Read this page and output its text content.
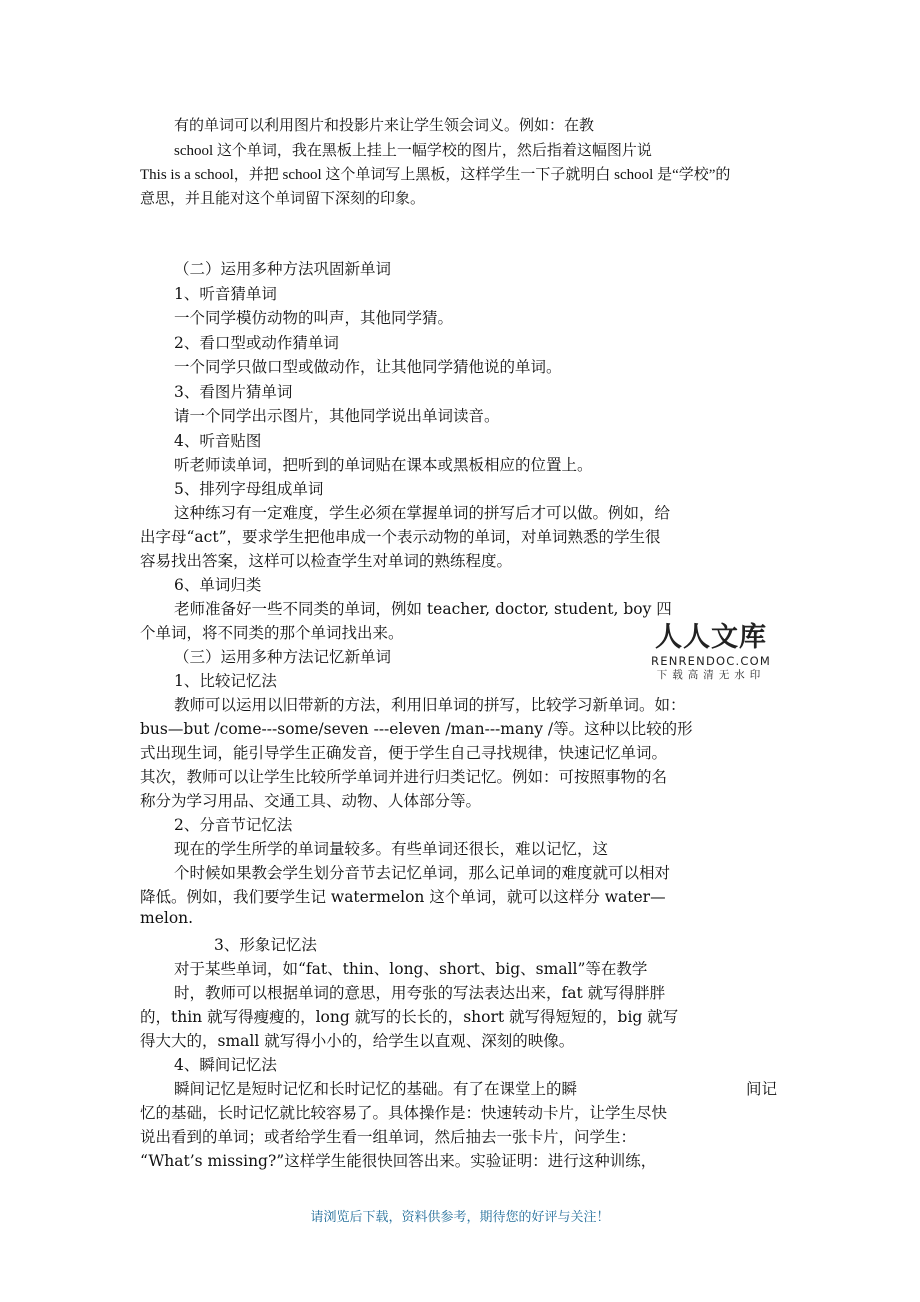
有的单词可以利用图片和投影片来让学生领会词义。例如：在教
school 这个单词，我在黑板上挂上一幅学校的图片，然后指着这幅图片说
This is a school，并把 school 这个单词写上黑板，这样学生一下子就明白 school 是“学校”的
意思，并且能对这个单词留下深刻的印象。
（二）运用多种方法巩固新单词
1、听音猜单词
一个同学模仿动物的叫声，其他同学猜。
2、看口型或动作猜单词
一个同学只做口型或做动作，让其他同学猜他说的单词。
3、看图片猜单词
请一个同学出示图片，其他同学说出单词读音。
4、听音贴图
听老师读单词，把听到的单词贴在课本或黑板相应的位置上。
5、排列字母组成单词
这种练习有一定难度，学生必须在掌握单词的拼写后才可以做。例如，给
出字母“act”，要求学生把他串成一个表示动物的单词，对单词熟悉的学生很
容易找出答案，这样可以检查学生对单词的熟练程度。
6、单词归类
老师准备好一些不同类的单词，例如 teacher, doctor, student, boy 四
个单词，将不同类的那个单词找出来。	人人文库
RENRENDOC.COM
下载高清无水印
（三）运用多种方法记忆新单词
1、比较记忆法
教师可以运用以旧带新的方法，利用旧单词的拼写，比较学习新单词。如：
bus—but /come---some/seven ---eleven /man---many /等。这种以比较的形
式出现生词，能引导学生正确发音，便于学生自己寻找规律，快速记忆单词。
其次，教师可以让学生比较所学单词并进行归类记忆。例如：可按照事物的名
称分为学习用品、交通工具、动物、人体部分等。
2、分音节记忆法
现在的学生所学的单词量较多。有些单词还很长，难以记忆，这
个时候如果教会学生划分音节去记忆单词，那么记单词的难度就可以相对
降低。例如，我们要学生记 watermelon 这个单词，就可以这样分 water—
melon.
3、形象记忆法
对于某些单词，如“fat、thin、long、short、big、small”等在教学
时，教师可以根据单词的意思，用夸张的写法表达出来，fat 就写得胖胖
的，thin 就写得瘦瘦的，long 就写的长长的，short 就写得短短的，big 就写
得大大的，small 就写得小小的，给学生以直观、深刻的映像。
4、瞬间记忆法
瞬间记忆是短时记忆和长时记忆的基础。有了在课堂上的瞬	间记
忆的基础，长时记忆就比较容易了。具体操作是：快速转动卡片，让学生尽快
说出看到的单词；或者给学生看一组单词，然后抽去一张卡片，问学生：
“What’s missing?”这样学生能很快回答出来。实验证明：进行这种训练，
请浏览后下载，资料供参考，期待您的好评与关注！
